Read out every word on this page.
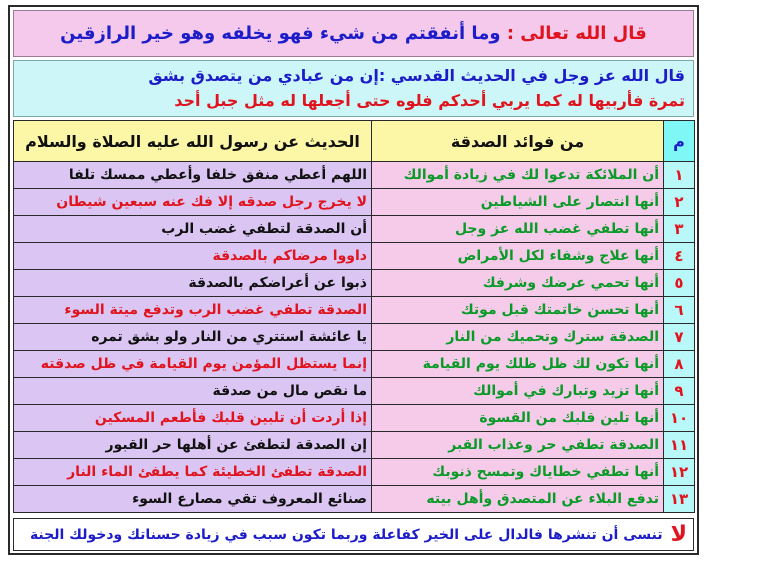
قال الله تعالى :

وما أنفقتم من شيء فهو يخلفه وهو خير الرازقين
قال الله عز وجل في الحديث القدسي :إن من عبادي من يتصدق بشق
تمرة فأربيها له كما يربي أحدكم فلوه حتى أجعلها له مثل جبل أحد
م	من فوائد الصدقة	الحديث عن رسول الله عليه الصلاة والسلام
١	أن الملائكة تدعوا لك في زيادة أموالك	اللهم أعطي منفق خلفا وأعطي ممسك تلفا
٢	أنها انتصار على الشياطين	لا يخرج رجل صدقه إلا فك عنه سبعين شيطان
٣	أنها تطفي غضب الله عز وجل	أن الصدقة لتطفي غضب الرب
٤	أنها علاج وشفاء لكل الأمراض	داووا مرضاكم بالصدقة
٥	أنها تحمي عرضك وشرفك	ذبوا عن أعراضكم بالصدقة
٦	أنها تحسن خاتمتك قبل موتك	الصدقة تطفي غضب الرب وتدفع ميتة السوء
٧	الصدقة سترك وتحميك من النار	يا عائشة استتري من النار ولو بشق تمره
٨	أنها تكون لك ظل ظلك يوم القيامة	إنما يستظل المؤمن يوم القيامة في ظل صدقته
٩	أنها تزيد وتبارك في أموالك	ما نقص مال من صدقة
١٠	أنها تلين قلبك من القسوة	إذا أردت أن تلبين قلبك فأطعم المسكين
١١	الصدقة تطفي حر وعذاب القبر	إن الصدقة لتطفئ عن أهلها حر القبور
١٢	أنها تطفي خطاياك وتمسح ذنوبك	الصدقة تطفئ الخطيئة كما يطفئ الماء النار
١٣	تدفع البلاء عن المتصدق وأهل بيته	صنائع المعروف تقي مصارع السوء
لا
تنسى أن تنشرها فالدال على الخير كفاعلة وربما تكون سبب في زيادة حسناتك ودخولك الجنة
